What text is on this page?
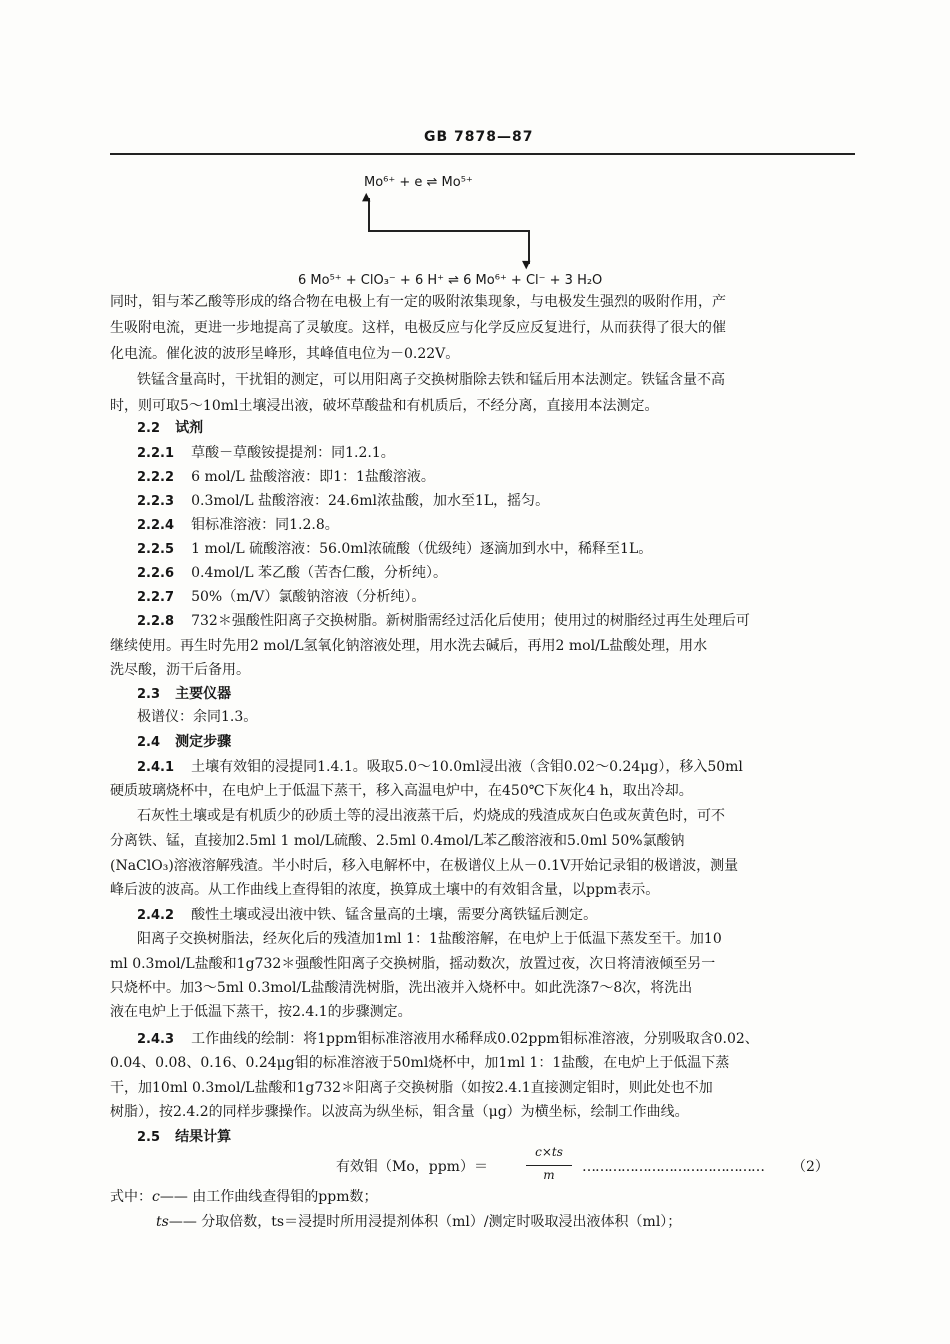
GB 7878—87
Mo⁶⁺ + e ⇌ Mo⁵⁺
▲
▼
6 Mo⁵⁺ + ClO₃⁻ + 6 H⁺ ⇌ 6 Mo⁶⁺ + Cl⁻ + 3 H₂O
同时，钼与苯乙酸等形成的络合物在电极上有一定的吸附浓集现象，与电极发生强烈的吸附作用，产
生吸附电流，更进一步地提高了灵敏度。这样，电极反应与化学反应反复进行，从而获得了很大的催
化电流。催化波的波形呈峰形，其峰值电位为－0.22V。
铁锰含量高时，干扰钼的测定，可以用阳离子交换树脂除去铁和锰后用本法测定。铁锰含量不高
时，则可取5～10ml土壤浸出液，破坏草酸盐和有机质后，不经分离，直接用本法测定。
2.2 试剂
2.2.1 草酸－草酸铵提提剂：同1.2.1。
2.2.2 6 mol/L 盐酸溶液：即1：1盐酸溶液。
2.2.3 0.3mol/L 盐酸溶液：24.6ml浓盐酸，加水至1L，摇匀。
2.2.4 钼标准溶液：同1.2.8。
2.2.5 1 mol/L 硫酸溶液：56.0ml浓硫酸（优级纯）逐滴加到水中，稀释至1L。
2.2.6 0.4mol/L 苯乙酸（苦杏仁酸，分析纯）。
2.2.7 50%（m/V）氯酸钠溶液（分析纯）。
2.2.8 732＊强酸性阳离子交换树脂。新树脂需经过活化后使用；使用过的树脂经过再生处理后可
继续使用。再生时先用2 mol/L氢氧化钠溶液处理，用水洗去碱后，再用2 mol/L盐酸处理，用水
洗尽酸，沥干后备用。
2.3 主要仪器
极谱仪：余同1.3。
2.4 测定步骤
2.4.1 土壤有效钼的浸提同1.4.1。吸取5.0～10.0ml浸出液（含钼0.02～0.24μg），移入50ml
硬质玻璃烧杯中，在电炉上于低温下蒸干，移入高温电炉中，在450℃下灰化4 h，取出冷却。
石灰性土壤或是有机质少的砂质土等的浸出液蒸干后，灼烧成的残渣成灰白色或灰黄色时，可不
分离铁、锰，直接加2.5ml 1 mol/L硫酸、2.5ml 0.4mol/L苯乙酸溶液和5.0ml 50%氯酸钠
(NaClO₃)溶液溶解残渣。半小时后，移入电解杯中，在极谱仪上从－0.1V开始记录钼的极谱波，测量
峰后波的波高。从工作曲线上查得钼的浓度，换算成土壤中的有效钼含量，以ppm表示。
2.4.2 酸性土壤或浸出液中铁、锰含量高的土壤，需要分离铁锰后测定。
阳离子交换树脂法，经灰化后的残渣加1ml 1：1盐酸溶解，在电炉上于低温下蒸发至干。加10
ml 0.3mol/L盐酸和1g732＊强酸性阳离子交换树脂，摇动数次，放置过夜，次日将清液倾至另一
只烧杯中。加3～5ml 0.3mol/L盐酸清洗树脂，洗出液并入烧杯中。如此洗涤7～8次，将洗出
液在电炉上于低温下蒸干，按2.4.1的步骤测定。
2.4.3 工作曲线的绘制：将1ppm钼标准溶液用水稀释成0.02ppm钼标准溶液，分别吸取含0.02、
0.04、0.08、0.16、0.24μg钼的标准溶液于50ml烧杯中，加1ml 1：1盐酸，在电炉上于低温下蒸
干，加10ml 0.3mol/L盐酸和1g732＊阳离子交换树脂（如按2.4.1直接测定钼时，则此处也不加
树脂），按2.4.2的同样步骤操作。以波高为纵坐标，钼含量（μg）为横坐标，绘制工作曲线。
2.5 结果计算
有效钼（Mo，ppm）＝
c×ts
m	…………………………………… （2）
式中：c—— 由工作曲线查得钼的ppm数；
ts—— 分取倍数，ts＝浸提时所用浸提剂体积（ml）/测定时吸取浸出液体积（ml）；
